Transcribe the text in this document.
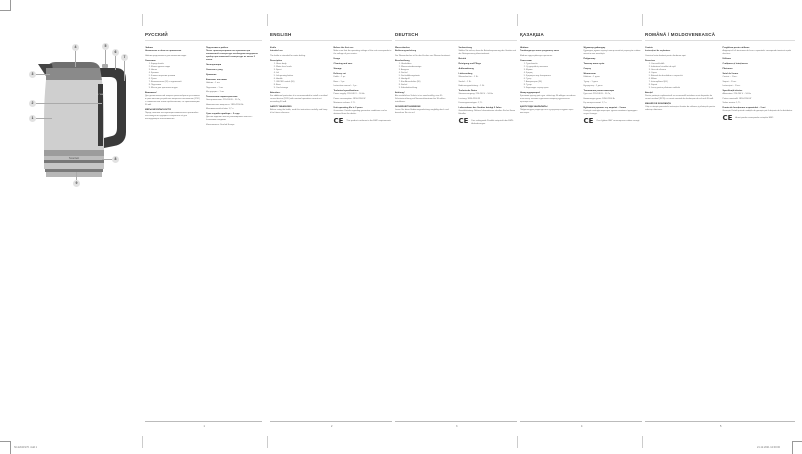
1.7 MAX
Scarlett
1
2
3
4	5
6
7
8
9
РУССКИЙ
Чайник

Назначение и область применения

Чайник предназначен для кипячения воды.

Описание
1. Корпус/колба
2. Шкала уровня воды
3. Носик
4. Крышка
5. Кнопка открытия крышки
6. Ручка
7. Выключатель (I/0) с подсветкой
8. Подставка
9. Место для хранения шнура
Внимание!

Для дополнительной защиты целесообразно установить в цепи питания устройство защитного отключения (УЗО) с номинальным током срабатывания, не превышающим 30 мА.

МЕРЫ БЕЗОПАСНОСТИ

Перед началом эксплуатации внимательно прочитайте настоящую инструкцию и сохраните её для последующего использования.

Подготовка к работе

После транспортировки или хранения при пониженной температуре необходимо выдержать прибор при комнатной температуре не менее 2 часов.

Эксплуатация
Очистка и уход
Хранение
Комплект поставки

Чайник – 1 шт.

Подставка – 1 шт.

Инструкция – 1 шт.

Технические характеристики

Электропитание: 220-240 В ~ 50 Гц

Номинальная мощность: 1850-2200 Вт

Максимальный объём: 1,7 л

Срок службы прибора – 3 года

Данное изделие нельзя утилизировать вместе с бытовыми отходами.

Изготовитель: Scarlett Europe

1
ENGLISH
Kettle

Intended use

The kettle is intended for water boiling.

Description
1. Glass body
2. Water level scale
3. Spout
4. Lid
5. Lid opening button
6. Handle
7. ON/OFF switch (I/0)
8. Base
9. Cord storage
Attention:

For additional protection it is recommended to install a residual current device (RCD) with nominal operation current not exceeding 30 mA.

SAFETY MEASURES

Before using the kettle, read this instruction carefully and keep it for future reference.

Before the first use

Make sure that the operating voltage of the unit corresponds to the voltage of your mains.

Usage
Cleaning and care
Storage
Delivery set

Kettle – 1 pc.

Base – 1 pc.

Instruction manual – 1 pc.

Technical specifications

Power supply: 220-240 V ~ 50 Hz

Power consumption: 1850-2200 W

Maximum volume: 1.7 L

Unit operating life is 3 years

Guarantee: Details regarding guarantee conditions can be obtained from the dealer.

CE This product conforms to the EMC requirements.
2
DEUTSCH
Wasserkocher

Bedienungsanleitung

Der Wasserkocher ist für das Kochen von Wasser bestimmt.

Beschreibung
1. Glaskolben
2. Wasserstandsanzeige
3. Ausguss
4. Deckel
5. Deckelöffnungstaste
6. Handgriff
7. Ein-/Ausschalter (I/0)
8. Sockel
9. Kabelaufwicklung
Achtung!

Als zusätzlichen Schutz ist es zweckmäßig, eine FI-Schutzeinrichtung mit Nennauslösestrom bis 30 mA zu installieren.

SICHERHEITSHINWEISE

Lesen Sie diese Bedienungsanleitung sorgfältig durch und bewahren Sie sie auf.

Vorbereitung

Stellen Sie sicher, dass die Betriebsspannung des Gerätes mit der Netzspannung übereinstimmt.

Betrieb
Reinigung und Pflege
Aufbewahrung
Lieferumfang

Wasserkocher – 1 St.

Sockel – 1 St.

Bedienungsanleitung – 1 St.

Technische Daten

Stromversorgung: 220-240 V ~ 50 Hz

Leistung: 1850-2200 W

Fassungsvermögen: 1,7 L

Lebensdauer des Gerätes beträgt 3 Jahre

Gewährleistung: Nähere Informationen erhalten Sie bei Ihrem Händler.

CE Das vorliegende Produkt entspricht den EMV-Anforderungen.
3
ҚАЗАҚША
Шәйнек

Тағайындалуы және қолданылу аясы

Шәйнек суды қайнатуға арналған.

Сипаттама
1. Тұлға/колба
2. Су деңгейінің шкаласы
3. Шүмек
4. Қақпақ
5. Қақпақты ашу батырмасы
6. Тұтқа
7. Ажыратқыш (I/0)
8. Тұғыр
9. Баусымды сақтау орны
Назар аударыңыз!

Қосымша қорғау үшін қуат тізбегінде 30 мА-ден аспайтын ағып шығу тогымен қорғаныш ажырату құрылғысын орнатқан жөн.

ҚАУІПСІЗДІК ШАРАЛАРЫ

Пайдаланудың алдында осы нұсқаулықты мұқият оқып шығыңыз.

Жұмысқа дайындау

Құралдың жұмыс кернеуі электр желісінің кернеуіне сәйкес келетіне көз жеткізіңіз.

Пайдалану
Тазалау және күтім
Сақтау
Жиынтығы

Шәйнек – 1 дана

Тұғыр – 1 дана

Нұсқаулық – 1 дана

Техникалық сипаттамалары

Қуат көзі: 220-240 В ~ 50 Гц

Номиналды қуаты: 1850-2200 Вт

Ең жоғары көлемі: 1,7 л

Бұйымның қызмет ету мерзімі – 3 жыл

Кепілдік: кепілдік шарттары туралы мәліметті дилерден алуға болады.

CE Осы бұйым ЭМҮ талаптарына сәйкес келеді.
4
ROMÂNĂ / MOLDOVENEASCĂ
Ceainic

Instrucțiuni de exploatare

Ceainicul este destinat pentru fierberea apei.

Descriere
1. Carcasă/colbă
2. Indicatorul nivelului de apă
3. Gura de vărsare
4. Capac
5. Butonul de deschidere a capacului
6. Mâner
7. Întrerupătorul (I/0)
8. Suport
9. Locaș pentru păstrarea cablului
Atenție!

Pentru protecție suplimentară se recomandă instalarea unui dispozitiv de curent rezidual (RCD) cu curent nominal de declanșare de cel mult 30 mA.

MĂSURI DE SIGURANȚĂ

Citiți cu atenție prezentele instrucțiuni înainte de utilizare și păstrați-le pentru referințe ulterioare.

Pregătirea pentru utilizare

Asigurați-vă că tensiunea de lucru a aparatului corespunde tensiunii rețelei electrice.

Utilizare
Curățarea și întreținerea
Păstrarea
Setul de livrare

Ceainic – 1 buc.

Suport – 1 buc.

Instrucțiuni – 1 buc.

Specificații tehnice

Alimentare: 220-240 V ~ 50 Hz

Putere nominală: 1850-2200 W

Volum maxim: 1,7 L

Durata de funcționare a aparatului – 3 ani

Garanție: Detalii privind condițiile de garanție pot fi obținute de la distribuitor.

CE Acest produs corespunde cerințelor EMC.
5
SC-EK21S76 .indd 1	21.12.2021 12:00:00
